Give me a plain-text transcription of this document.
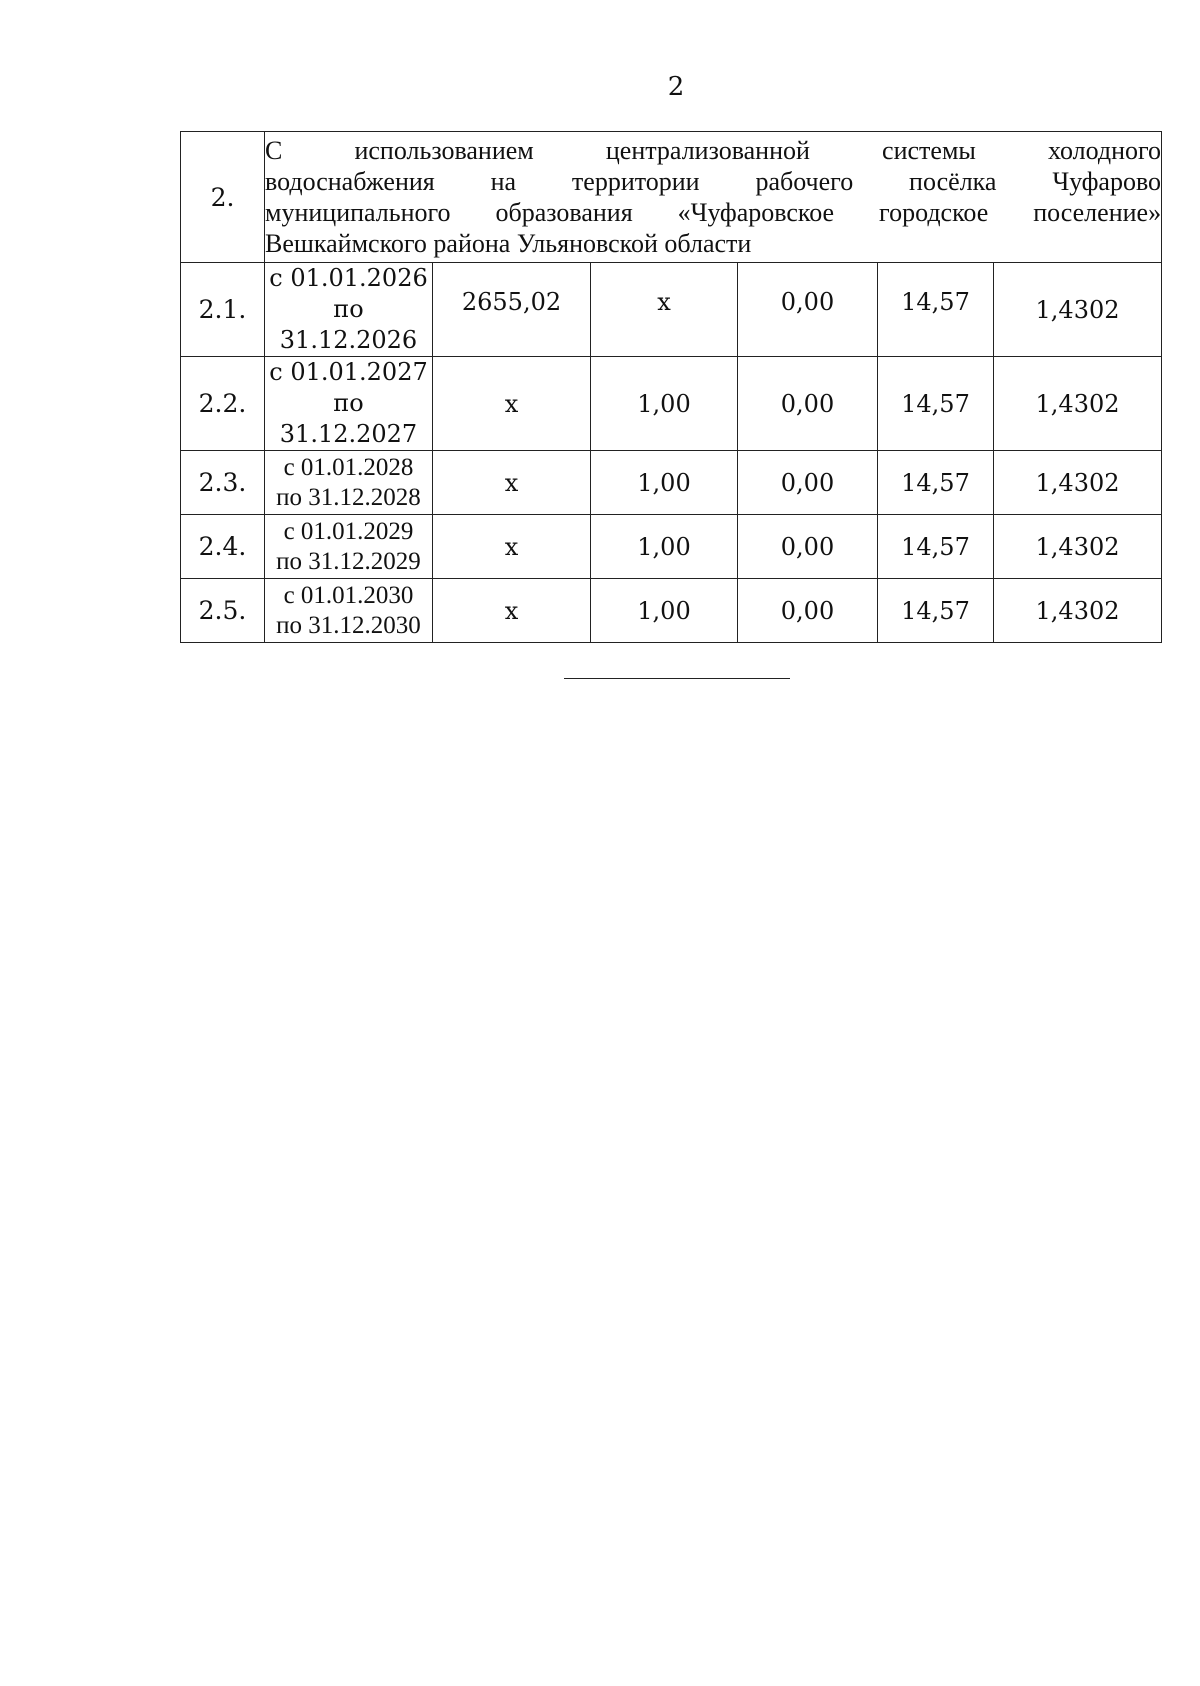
2
2.	С использованием централизованной системы холодного
водоснабжения на территории рабочего посёлка Чуфарово
муниципального образования «Чуфаровское городское поселение»
Вешкаймского района Ульяновской области					

2.1.	с 01.01.2026
по
31.12.2026	2655,02	х	0,00	14,57	1,4302
2.2.	с 01.01.2027
по
31.12.2027	х	1,00	0,00	14,57	1,4302
2.3.	с 01.01.2028
по 31.12.2028	х	1,00	0,00	14,57	1,4302
2.4.	с 01.01.2029
по 31.12.2029	х	1,00	0,00	14,57	1,4302
2.5.	с 01.01.2030
по 31.12.2030	х	1,00	0,00	14,57	1,4302
